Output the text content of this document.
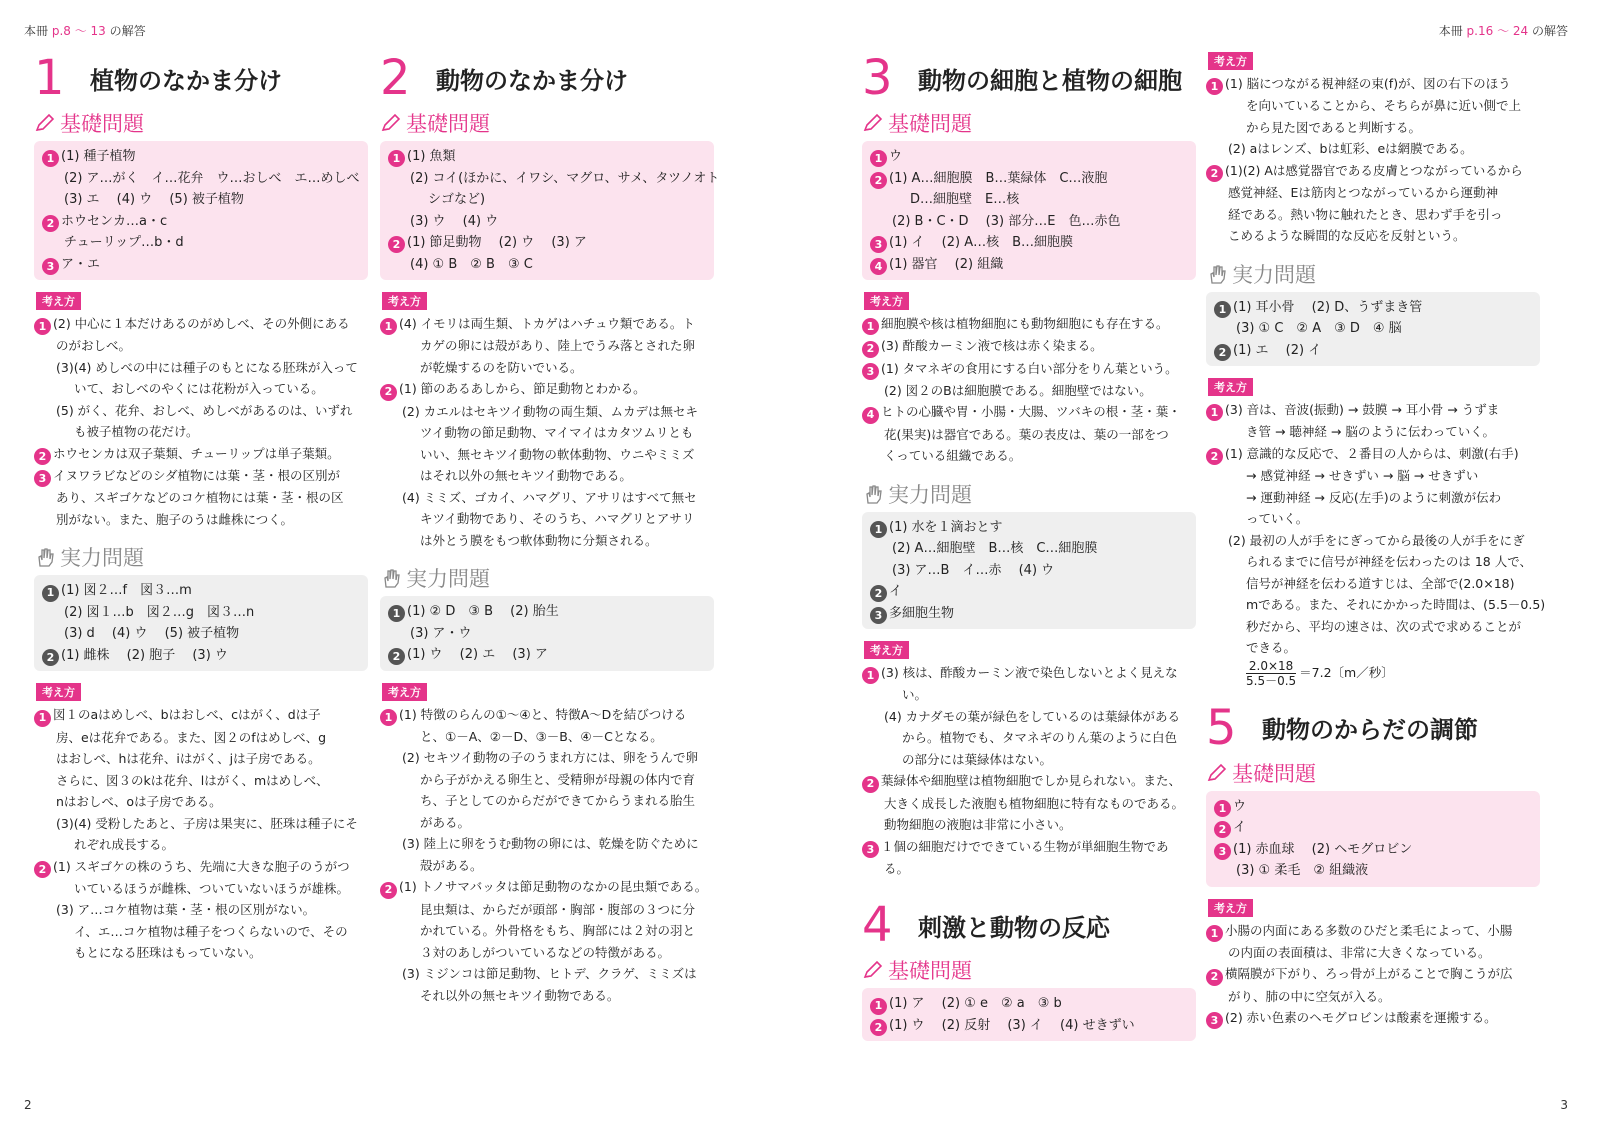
本冊 p.8 ～ 13 の解答	本冊 p.16 ～ 24 の解答
1	植物のなかま分け
基礎問題
1 (1) 種子植物
(2) ア…がく　イ…花弁　ウ…おしべ　エ…めしべ
(3) エ　 (4) ウ　 (5) 被子植物
2 ホウセンカ…a・c
チューリップ…b・d
3 ア・エ
考え方
1 (2) 中心に１本だけあるのがめしべ、その外側にある
のがおしべ。
(3)(4) めしべの中には種子のもとになる胚珠が入って
いて、おしべのやくには花粉が入っている。
(5) がく、花弁、おしべ、めしべがあるのは、いずれ
も被子植物の花だけ。
2 ホウセンカは双子葉類、チューリップは単子葉類。
3 イヌワラビなどのシダ植物には葉・茎・根の区別が
あり、スギゴケなどのコケ植物には葉・茎・根の区
別がない。また、胞子のうは雌株につく。
実力問題
1 (1) 図２…f　図３…m
(2) 図１…b　図２…g　図３…n
(3) d　 (4) ウ　 (5) 被子植物
2 (1) 雌株　 (2) 胞子　 (3) ウ
考え方
1 図１のaはめしべ、bはおしべ、cはがく、dは子
房、eは花弁である。また、図２のfはめしべ、g
はおしべ、hは花弁、iはがく、jは子房である。
さらに、図３のkは花弁、lはがく、mはめしべ、
nはおしべ、oは子房である。
(3)(4) 受粉したあと、子房は果実に、胚珠は種子にそ
れぞれ成長する。
2 (1) スギゴケの株のうち、先端に大きな胞子のうがつ
いているほうが雌株、ついていないほうが雄株。
(3) ア…コケ植物は葉・茎・根の区別がない。
イ、エ…コケ植物は種子をつくらないので、その
もとになる胚珠はもっていない。
2	動物のなかま分け
基礎問題
1 (1) 魚類
(2) コイ(ほかに、イワシ、マグロ、サメ、タツノオト
シゴなど)
(3) ウ　 (4) ウ
2 (1) 節足動物　 (2) ウ　 (3) ア
(4) ① B　② B　③ C
考え方
1 (4) イモリは両生類、トカゲはハチュウ類である。ト
カゲの卵には殻があり、陸上でうみ落とされた卵
が乾燥するのを防いでいる。
2 (1) 節のあるあしから、節足動物とわかる。
(2) カエルはセキツイ動物の両生類、ムカデは無セキ
ツイ動物の節足動物、マイマイはカタツムリとも
いい、無セキツイ動物の軟体動物、ウニやミミズ
はそれ以外の無セキツイ動物である。
(4) ミミズ、ゴカイ、ハマグリ、アサリはすべて無セ
キツイ動物であり、そのうち、ハマグリとアサリ
は外とう膜をもつ軟体動物に分類される。
実力問題
1 (1) ② D　③ B　 (2) 胎生
(3) ア・ウ
2 (1) ウ　 (2) エ　 (3) ア
考え方
1 (1) 特徴のらんの①～④と、特徴A～Dを結びつける
と、①－A、②－D、③－B、④－Cとなる。
(2) セキツイ動物の子のうまれ方には、卵をうんで卵
から子がかえる卵生と、受精卵が母親の体内で育
ち、子としてのからだができてからうまれる胎生
がある。
(3) 陸上に卵をうむ動物の卵には、乾燥を防ぐために
殻がある。
2 (1) トノサマバッタは節足動物のなかの昆虫類である。
昆虫類は、からだが頭部・胸部・腹部の３つに分
かれている。外骨格をもち、胸部には２対の羽と
３対のあしがついているなどの特徴がある。
(3) ミジンコは節足動物、ヒトデ、クラゲ、ミミズは
それ以外の無セキツイ動物である。
3	動物の細胞と植物の細胞
基礎問題
1 ウ
2 (1) A…細胞膜　B…葉緑体　C…液胞
D…細胞壁　E…核
(2) B・C・D　 (3) 部分…E　色…赤色
3 (1) イ　 (2) A…核　B…細胞膜
4 (1) 器官　 (2) 組織
考え方
1 細胞膜や核は植物細胞にも動物細胞にも存在する。
2 (3) 酢酸カーミン液で核は赤く染まる。
3 (1) タマネギの食用にする白い部分をりん葉という。
(2) 図２のBは細胞膜である。細胞壁ではない。
4 ヒトの心臓や胃・小腸・大腸、ツバキの根・茎・葉・
花(果実)は器官である。葉の表皮は、葉の一部をつ
くっている組織である。
実力問題
1 (1) 水を１滴おとす
(2) A…細胞壁　B…核　C…細胞膜
(3) ア…B　イ…赤　 (4) ウ
2 イ
3 多細胞生物
考え方
1 (3) 核は、酢酸カーミン液で染色しないとよく見えな
い。
(4) カナダモの葉が緑色をしているのは葉緑体がある
から。植物でも、タマネギのりん葉のように白色
の部分には葉緑体はない。
2 葉緑体や細胞壁は植物細胞でしか見られない。また、
大きく成長した液胞も植物細胞に特有なものである。
動物細胞の液胞は非常に小さい。
3 １個の細胞だけでできている生物が単細胞生物であ
る。
4	刺激と動物の反応
基礎問題
1 (1) ア　 (2) ① e　② a　③ b
2 (1) ウ　 (2) 反射　 (3) イ　 (4) せきずい
考え方
1 (1) 脳につながる視神経の束(f)が、図の右下のほう
を向いていることから、そちらが鼻に近い側で上
から見た図であると判断する。
(2) aはレンズ、bは虹彩、eは網膜である。
2 (1)(2) Aは感覚器官である皮膚とつながっているから
感覚神経、Eは筋肉とつながっているから運動神
経である。熱い物に触れたとき、思わず手を引っ
こめるような瞬間的な反応を反射という。
実力問題
1 (1) 耳小骨　 (2) D、うずまき管
(3) ① C　② A　③ D　④ 脳
2 (1) エ　 (2) イ
考え方
1 (3) 音は、音波(振動) → 鼓膜 → 耳小骨 → うずま
き管 → 聴神経 → 脳のように伝わっていく。
2 (1) 意識的な反応で、２番目の人からは、刺激(右手)
→ 感覚神経 → せきずい → 脳 → せきずい
→ 運動神経 → 反応(左手)のように刺激が伝わ
っていく。
(2) 最初の人が手をにぎってから最後の人が手をにぎ
られるまでに信号が神経を伝わったのは 18 人で、
信号が神経を伝わる道すじは、全部で(2.0×18)
mである。また、それにかかった時間は、(5.5－0.5)
秒だから、平均の速さは、次の式で求めることが
できる。
$\frac{2.0\times 18}{5.5-0.5} =7.2$〔m／秒〕
5	動物のからだの調節
基礎問題
1 ウ
2 イ
3 (1) 赤血球　 (2) ヘモグロビン
(3) ① 柔毛　② 組織液
考え方
1 小腸の内面にある多数のひだと柔毛によって、小腸
の内面の表面積は、非常に大きくなっている。
2 横隔膜が下がり、ろっ骨が上がることで胸こうが広
がり、肺の中に空気が入る。
3 (2) 赤い色素のヘモグロビンは酸素を運搬する。
2	3
